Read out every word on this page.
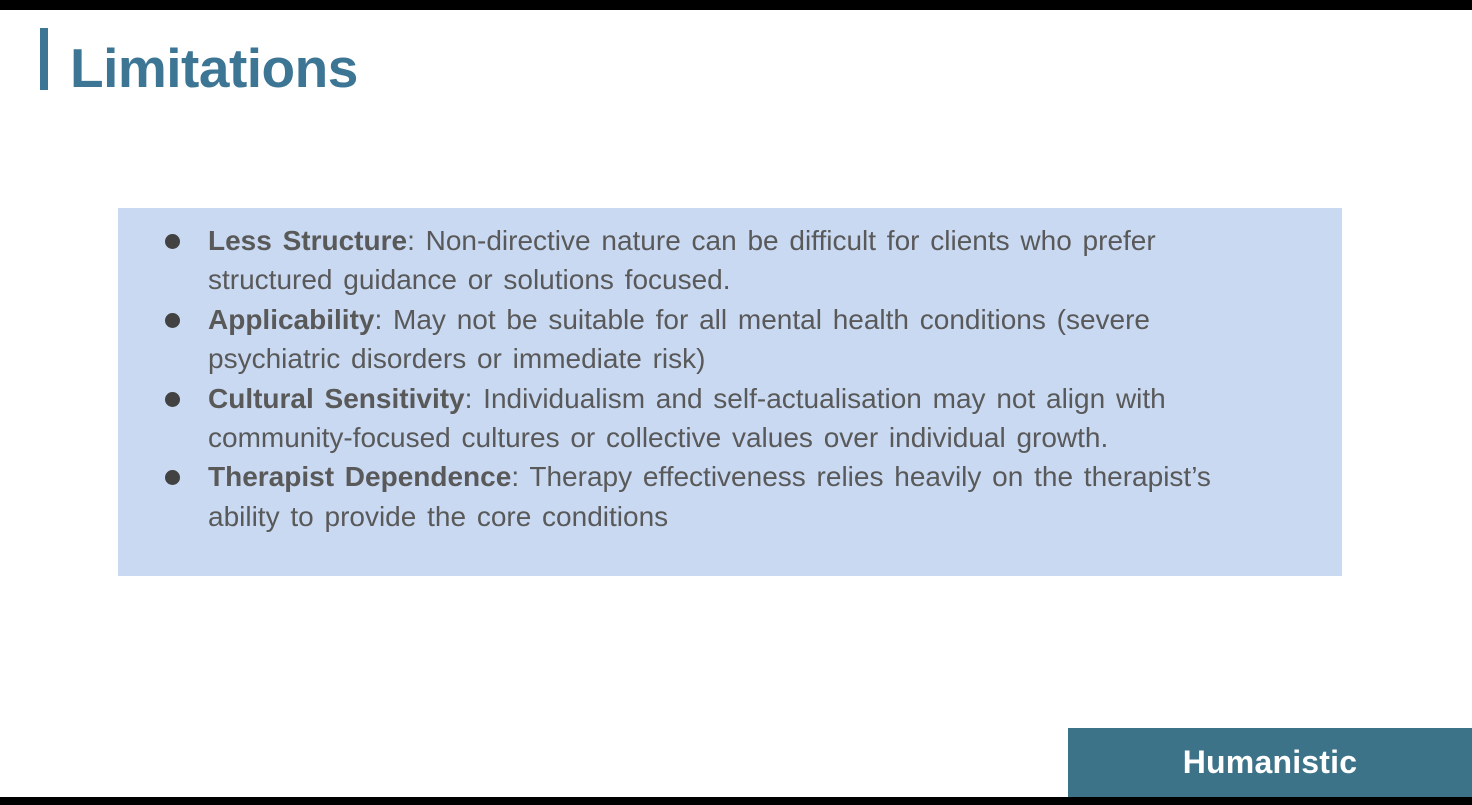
Limitations
Less Structure: Non-directive nature can be difficult for clients who prefer
structured guidance or solutions focused.
Applicability: May not be suitable for all mental health conditions (severe
psychiatric disorders or immediate risk)
Cultural Sensitivity: Individualism and self-actualisation may not align with
community-focused cultures or collective values over individual growth.
Therapist Dependence: Therapy effectiveness relies heavily on the therapist’s
ability to provide the core conditions
Humanistic
